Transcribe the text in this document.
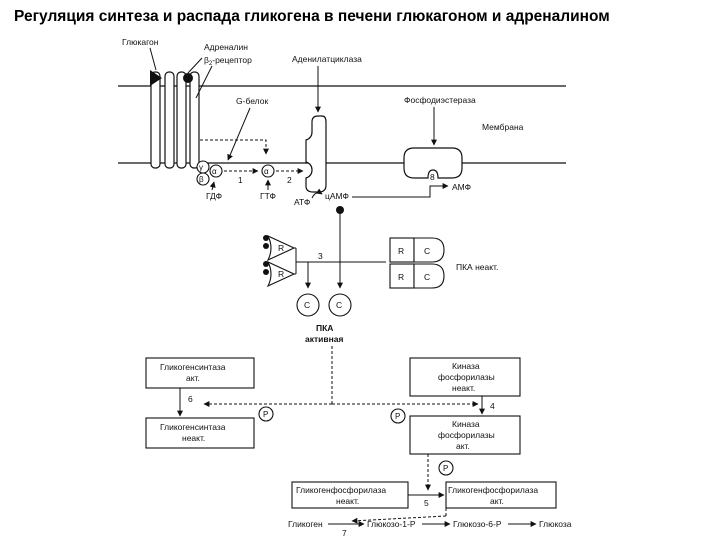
Регуляция синтеза и распада гликогена в печени глюкагоном и адреналином
Глюкагон	Адреналин
$\beta_2$-рецептор
γ α
β
α
1	2
ГДФ	ГТФ
G-белок
Аденилатциклаза
АТФ
цАМФ
Фосфодиэстераза
Мембрана
8
АМФ
3
R
R
C	C
ПКА
активная
R
R
C
C
ПКА неакт.
Гликогенсинтаза
акт.
6
Гликогенсинтаза
неакт.
P
Киназа
фосфорилазы
неакт.
4
Киназа
фосфорилазы
акт.
P
Гликогенфосфорилаза
неакт.	5
Гликогенфосфорилаза
акт.
P
Гликоген
7
Глюкозо-1-Р	Глюкозо-6-Р	Глюкоза
